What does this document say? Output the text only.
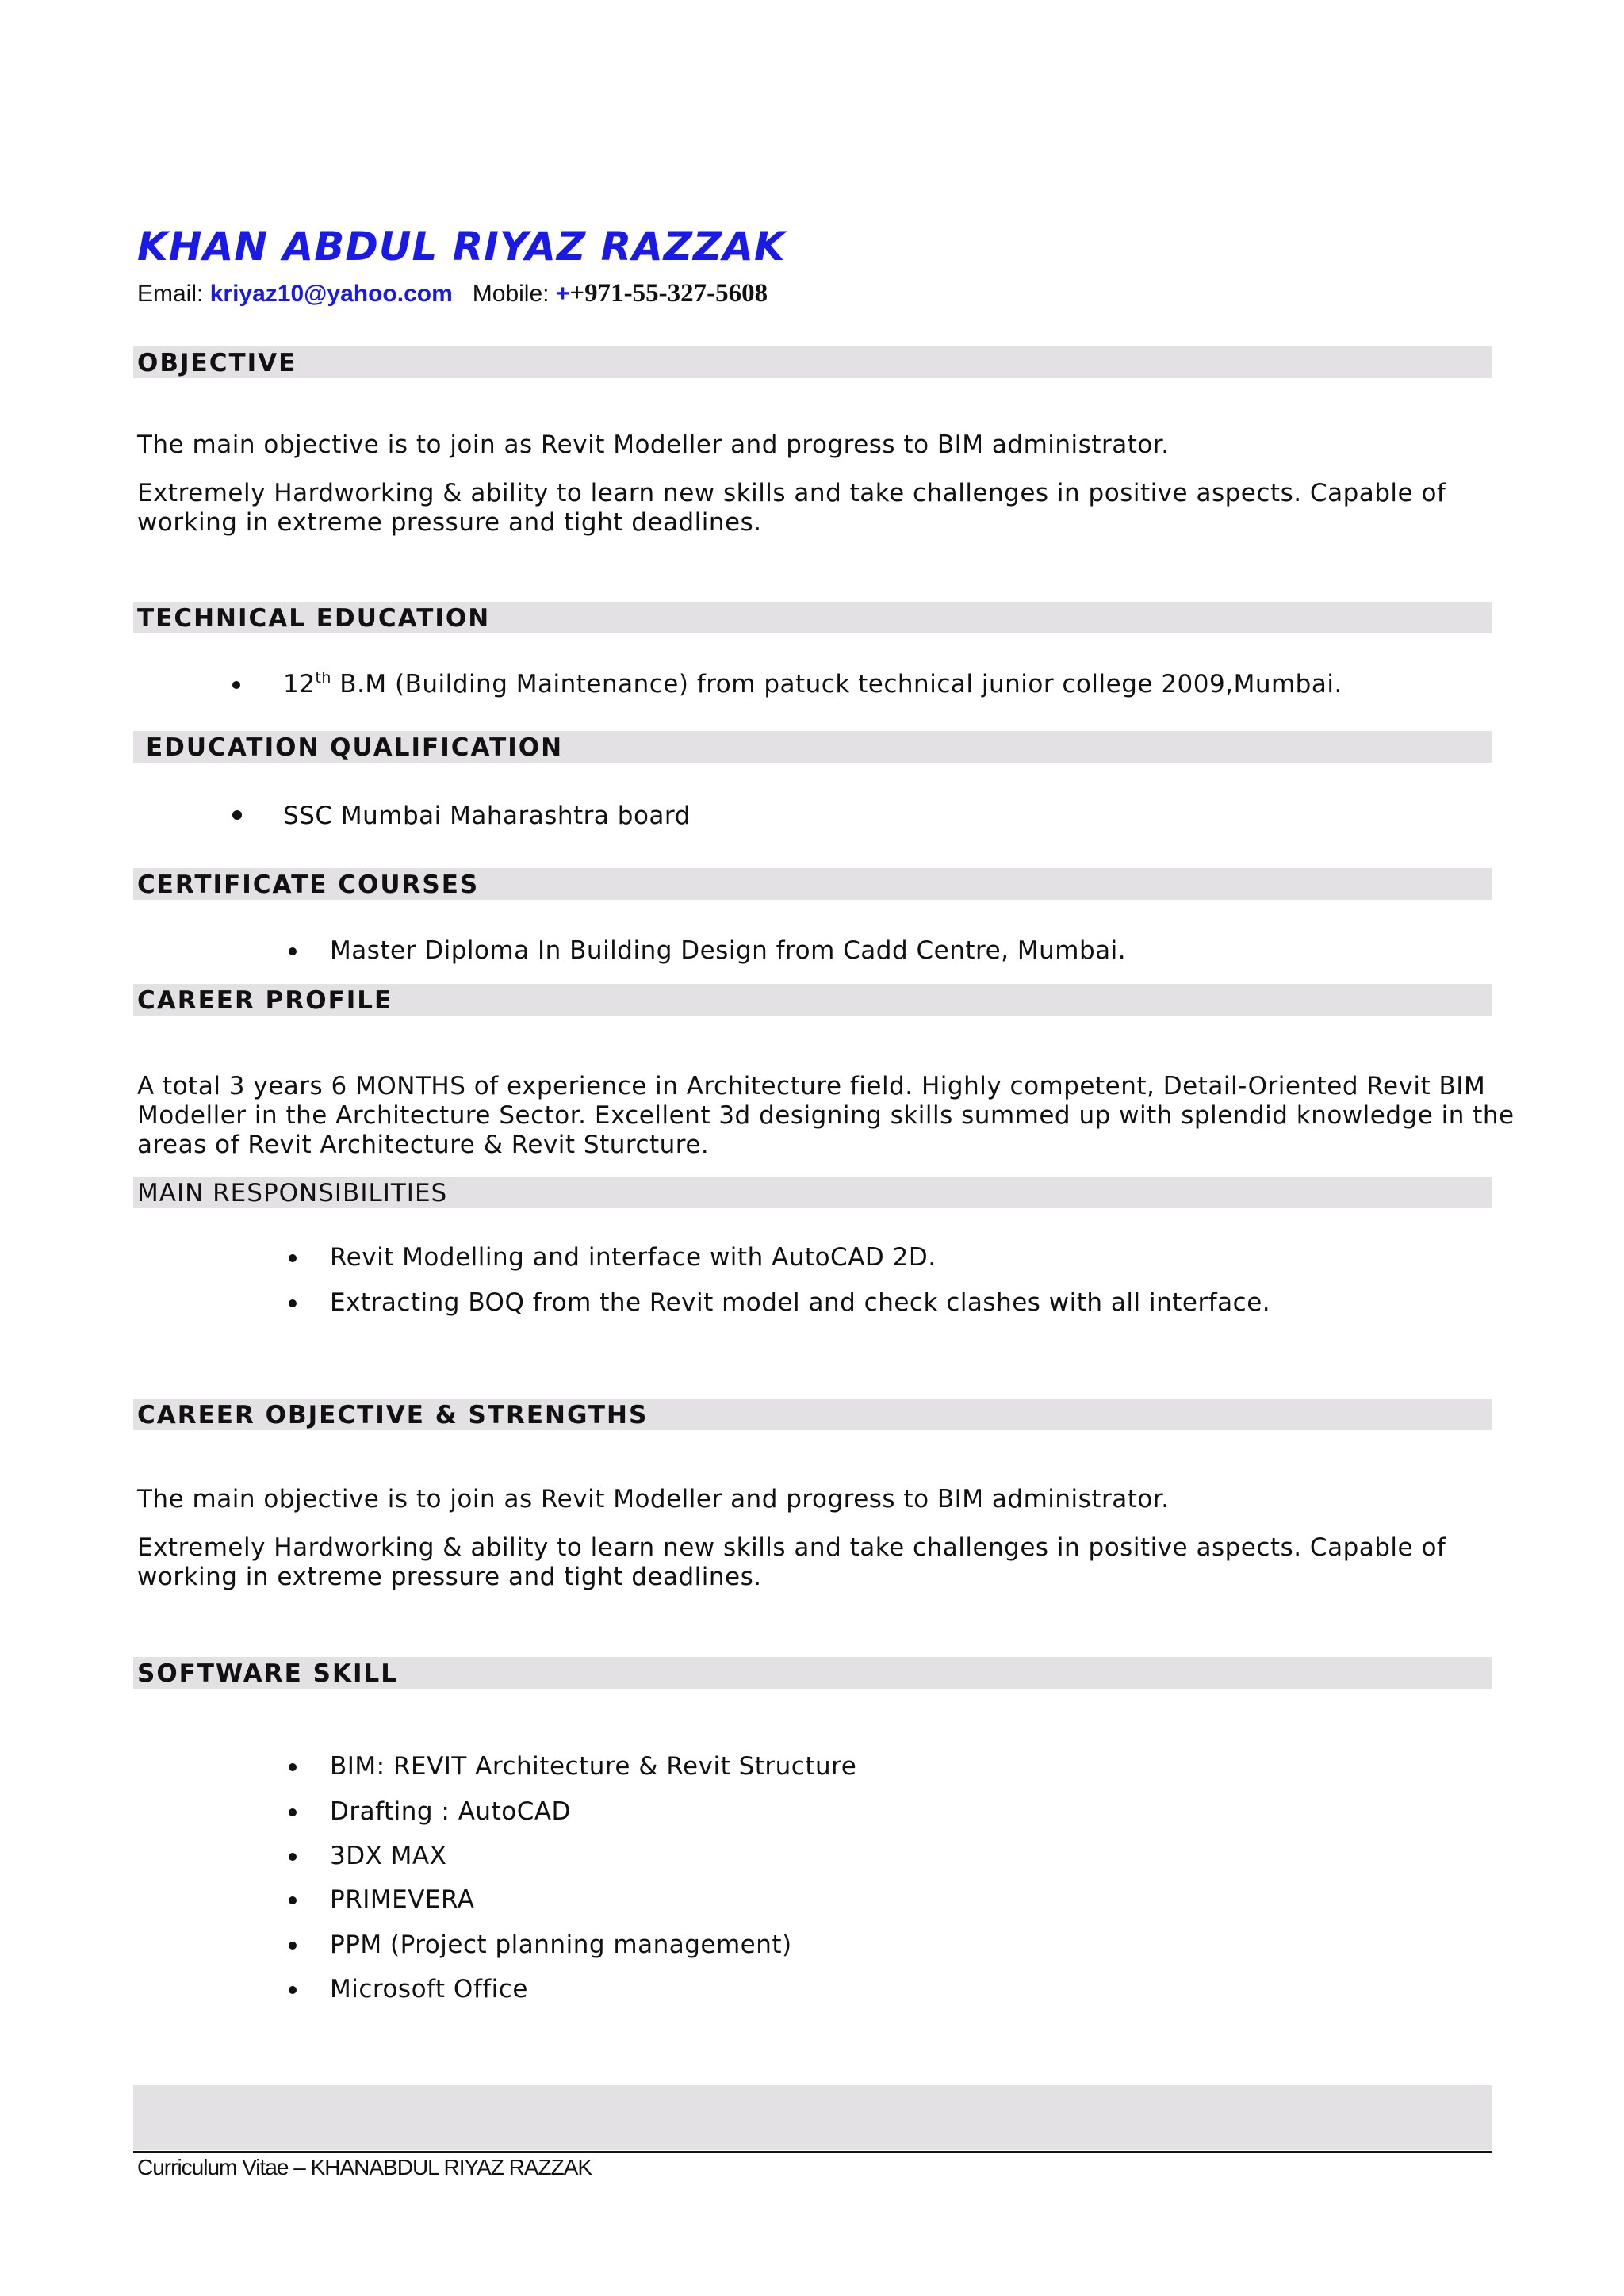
KHAN ABDUL RIYAZ RAZZAK
Email: kriyaz10@yahoo.com Mobile: ++971-55-327-5608
OBJECTIVE
The main objective is to join as Revit Modeller and progress to BIM administrator.
Extremely Hardworking & ability to learn new skills and take challenges in positive aspects. Capable of working in extreme pressure and tight deadlines.
TECHNICAL EDUCATION
12th B.M (Building Maintenance) from patuck technical junior college 2009,Mumbai.
EDUCATION QUALIFICATION
SSC Mumbai Maharashtra board
CERTIFICATE COURSES
Master Diploma In Building Design from Cadd Centre, Mumbai.
CAREER PROFILE
A total 3 years 6 MONTHS of experience in Architecture field. Highly competent, Detail-Oriented Revit BIM
Modeller in the Architecture Sector. Excellent 3d designing skills summed up with splendid knowledge in the
areas of Revit Architecture & Revit Sturcture.
MAIN RESPONSIBILITIES
Revit Modelling and interface with AutoCAD 2D.
Extracting BOQ from the Revit model and check clashes with all interface.
CAREER OBJECTIVE & STRENGTHS
The main objective is to join as Revit Modeller and progress to BIM administrator.
Extremely Hardworking & ability to learn new skills and take challenges in positive aspects. Capable of working in extreme pressure and tight deadlines.
SOFTWARE SKILL
BIM: REVIT Architecture & Revit Structure
Drafting : AutoCAD
3DX MAX
PRIMEVERA
PPM (Project planning management)
Microsoft Office
Curriculum Vitae – KHANABDUL RIYAZ RAZZAK
